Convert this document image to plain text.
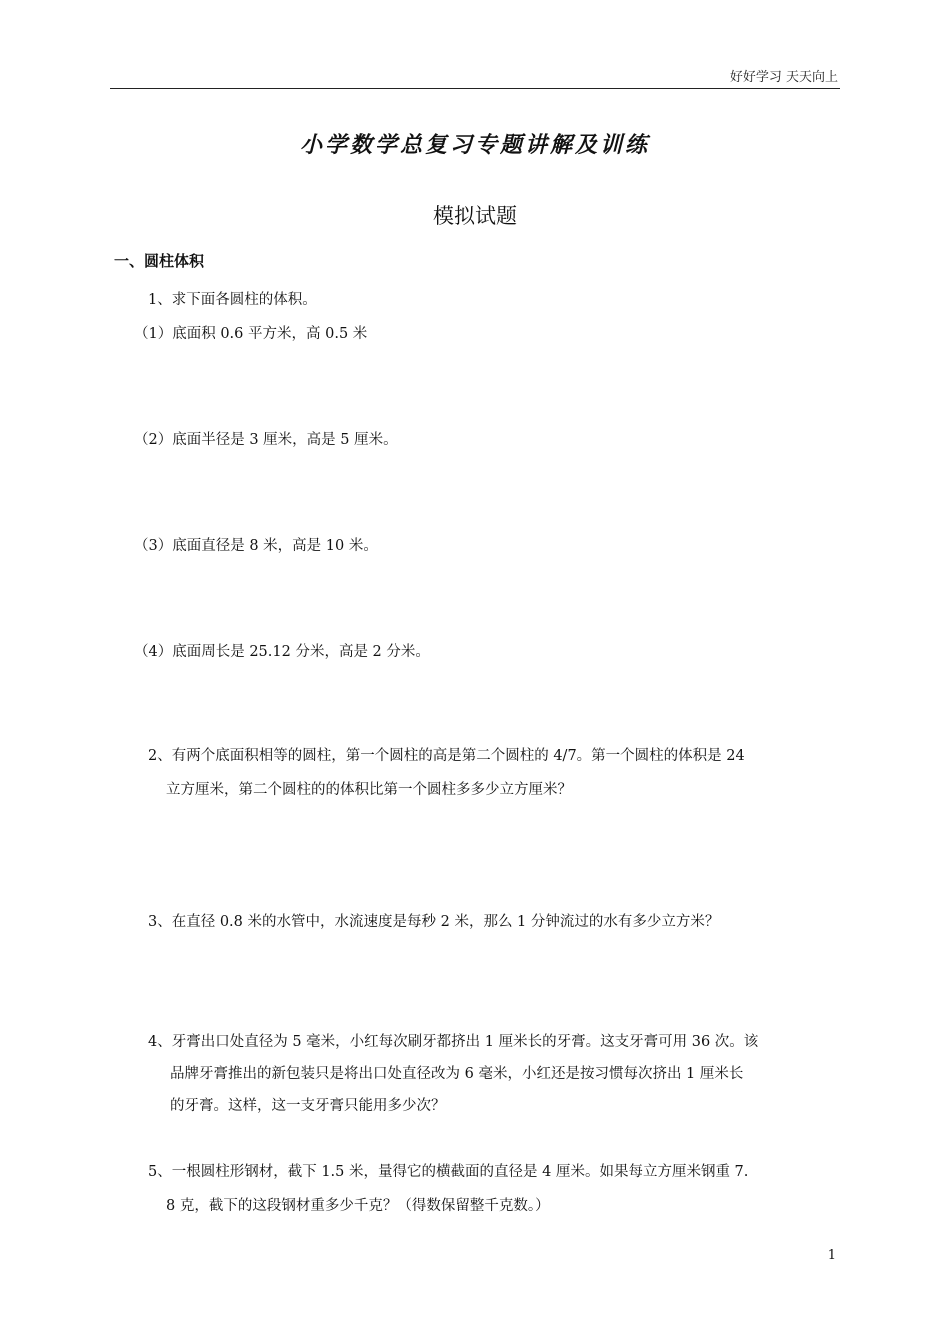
好好学习 天天向上
小学数学总复习专题讲解及训练
模拟试题
一、圆柱体积
1、求下面各圆柱的体积。
（1）底面积 0.6 平方米，高 0.5 米
（2）底面半径是 3 厘米，高是 5 厘米。
（3）底面直径是 8 米，高是 10 米。
（4）底面周长是 25.12 分米，高是 2 分米。
2、有两个底面积相等的圆柱，第一个圆柱的高是第二个圆柱的 4/7。第一个圆柱的体积是 24
立方厘米，第二个圆柱的的体积比第一个圆柱多多少立方厘米？
3、在直径 0.8 米的水管中，水流速度是每秒 2 米，那么 1 分钟流过的水有多少立方米？
4、牙膏出口处直径为 5 毫米，小红每次刷牙都挤出 1 厘米长的牙膏。这支牙膏可用 36 次。该
品牌牙膏推出的新包装只是将出口处直径改为 6 毫米，小红还是按习惯每次挤出 1 厘米长
的牙膏。这样，这一支牙膏只能用多少次？
5、一根圆柱形钢材，截下 1.5 米，量得它的横截面的直径是 4 厘米。如果每立方厘米钢重 7.
8 克，截下的这段钢材重多少千克？（得数保留整千克数。）
1
